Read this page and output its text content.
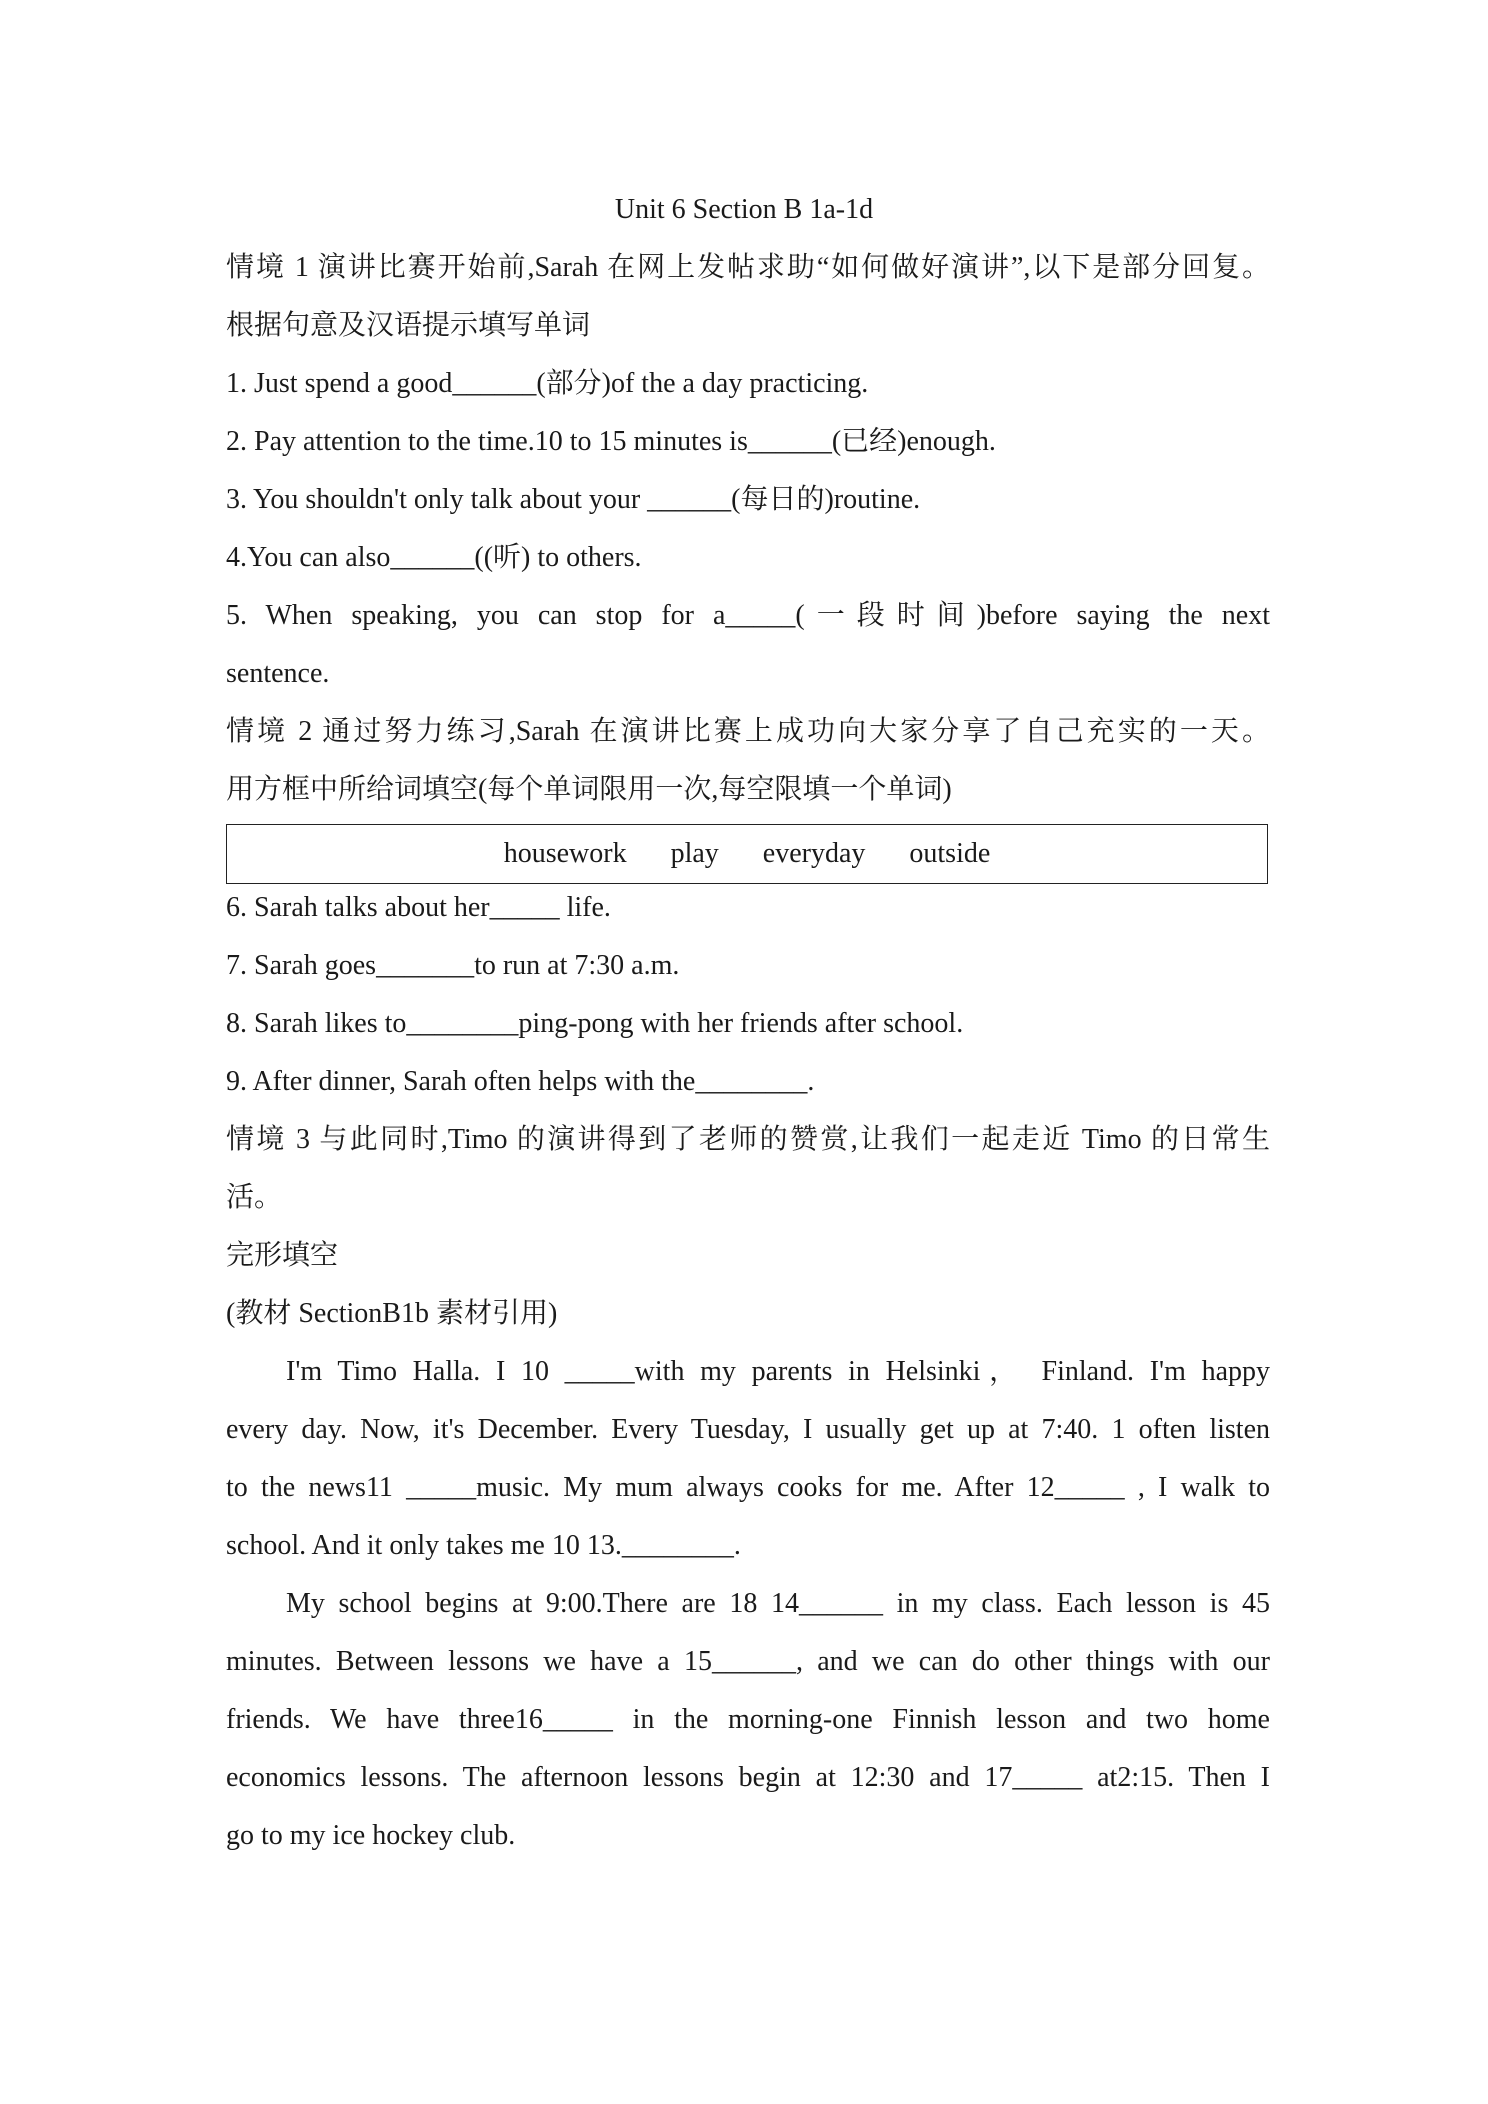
Unit 6 Section B 1a-1d
情境 1 演讲比赛开始前,Sarah 在网上发帖求助“如何做好演讲”,以下是部分回复。
根据句意及汉语提示填写单词
1. Just spend a good______(部分)of the a day practicing.
2. Pay attention to the time.10 to 15 minutes is______(已经)enough.
3. You shouldn't only talk about your ______(每日的)routine.
4.You can also______((听) to others.
5. When speaking, you can stop for a_____(一段时间)before saying the next
sentence.
情境 2 通过努力练习,Sarah 在演讲比赛上成功向大家分享了自己充实的一天。
用方框中所给词填空(每个单词限用一次,每空限填一个单词)
housework play everyday outside
6. Sarah talks about her_____ life.
7. Sarah goes_______to run at 7:30 a.m.
8. Sarah likes to________ping-pong with her friends after school.
9. After dinner, Sarah often helps with the________.
情境 3 与此同时,Timo 的演讲得到了老师的赞赏,让我们一起走近 Timo 的日常生
活。
完形填空
(教材 SectionB1b 素材引用)
I'm Timo Halla. I 10 _____with my parents in Helsinki， Finland. I'm happy
every day. Now, it's December. Every Tuesday, I usually get up at 7:40. 1 often listen
to the news11 _____music. My mum always cooks for me. After 12_____ , I walk to
school. And it only takes me 10 13.________.
My school begins at 9:00.There are 18 14______ in my class. Each lesson is 45
minutes. Between lessons we have a 15______, and we can do other things with our
friends. We have three16_____ in the morning-one Finnish lesson and two home
economics lessons. The afternoon lessons begin at 12:30 and 17_____ at2:15. Then I
go to my ice hockey club.
